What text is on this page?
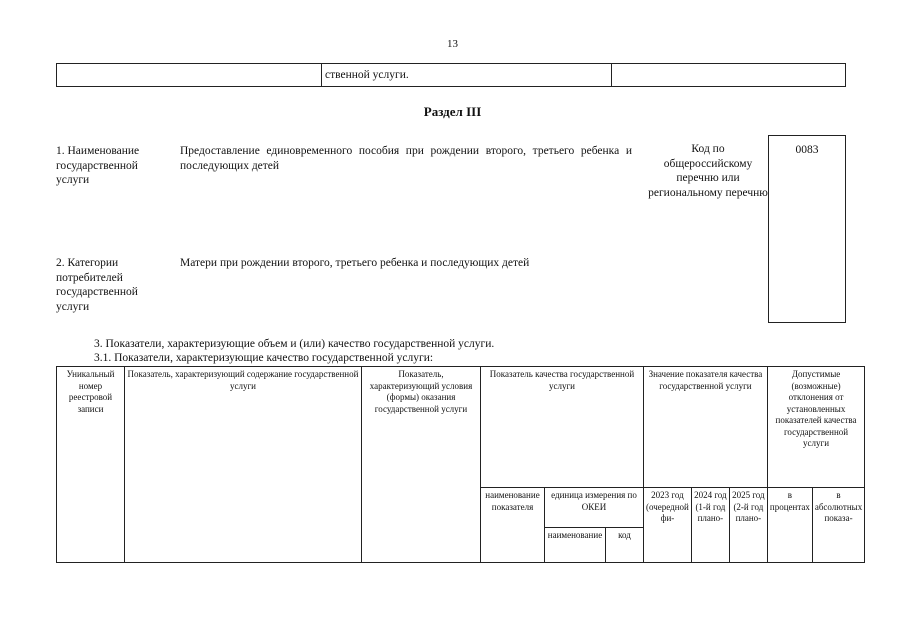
13
ственной услуги.
Раздел III
1. Наименование государственной услуги
Предоставление единовременного пособия при рождении второго, третьего ребенка и последующих детей
Код по общероссийскому перечню или региональному перечню
0083
2. Категории потребителей государственной услуги
Матери при рождении второго, третьего ребенка и последующих детей
3. Показатели, характеризующие объем и (или) качество государственной услуги.
3.1. Показатели, характеризующие качество государственной услуги:
Уникальный номер реестровой записи	Показатель, характеризующий содержание государственной услуги	Показатель, характеризующий условия (формы) оказания государственной услуги	Показатель качества государственной услуги			Значение показателя качества государственной услуги			Допустимые (возможные) отклонения от установленных показателей качества государственной услуги	
			наименование показателя	единица измерения по ОКЕИ		2023 год (очередной фи-	2024 год (1-й год плано-	2025 год (2-й год плано-	в процентах	в абсолютных показа-
				наименование	код					
